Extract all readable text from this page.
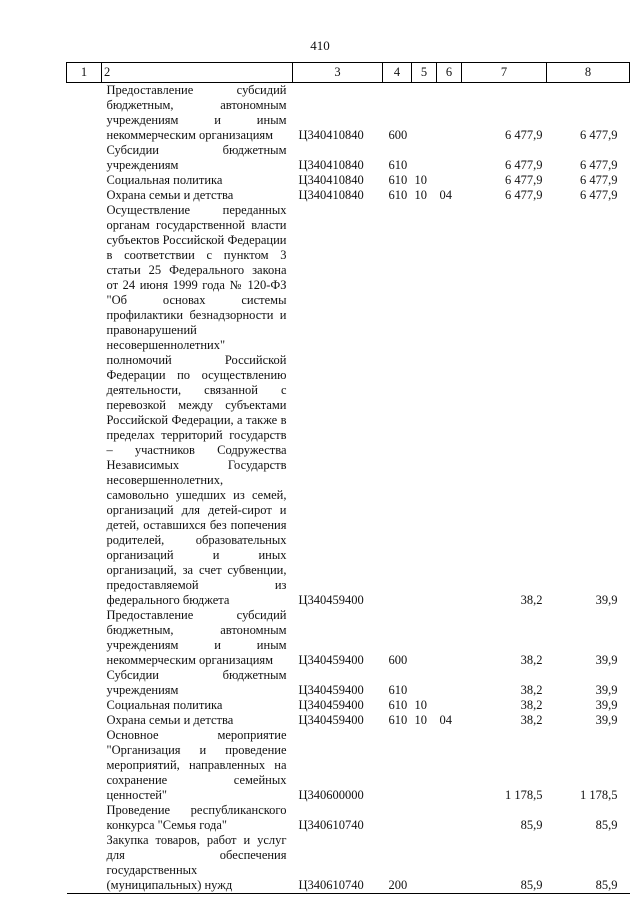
410
1	2	3	4	5	6	7	8
	Предоставление субсидий бюджетным, автономным учреждениям и иным некоммерческим организациям	Ц340410840	600			6 477,9	6 477,9
	Субсидии бюджетным учреждениям	Ц340410840	610			6 477,9	6 477,9
	Социальная политика	Ц340410840	610	10		6 477,9	6 477,9
	Охрана семьи и детства	Ц340410840	610	10	04	6 477,9	6 477,9
	Осуществление переданных органам государственной власти субъектов Российской Федерации в соответствии с пунктом 3 статьи 25 Федерального закона от 24 июня 1999 года № 120-ФЗ "Об основах системы профилактики безнадзорности и правонарушений несовершеннолетних" полномочий Российской Федерации по осуществлению деятельности, связанной с перевозкой между субъектами Российской Федерации, а также в пределах территорий государств – участников Содружества Независимых Государств несовершеннолетних, самовольно ушедших из семей, организаций для детей-сирот и детей, оставшихся без попечения родителей, образовательных организаций и иных организаций, за счет субвенции, предоставляемой из федерального бюджета	Ц340459400				38,2	39,9
	Предоставление субсидий бюджетным, автономным учреждениям и иным некоммерческим организациям	Ц340459400	600			38,2	39,9
	Субсидии бюджетным учреждениям	Ц340459400	610			38,2	39,9
	Социальная политика	Ц340459400	610	10		38,2	39,9
	Охрана семьи и детства	Ц340459400	610	10	04	38,2	39,9
	Основное мероприятие "Организация и проведение мероприятий, направленных на сохранение семейных ценностей"	Ц340600000				1 178,5	1 178,5
	Проведение республиканского конкурса "Семья года"	Ц340610740				85,9	85,9
	Закупка товаров, работ и услуг для обеспечения государственных (муниципальных) нужд	Ц340610740	200			85,9	85,9
